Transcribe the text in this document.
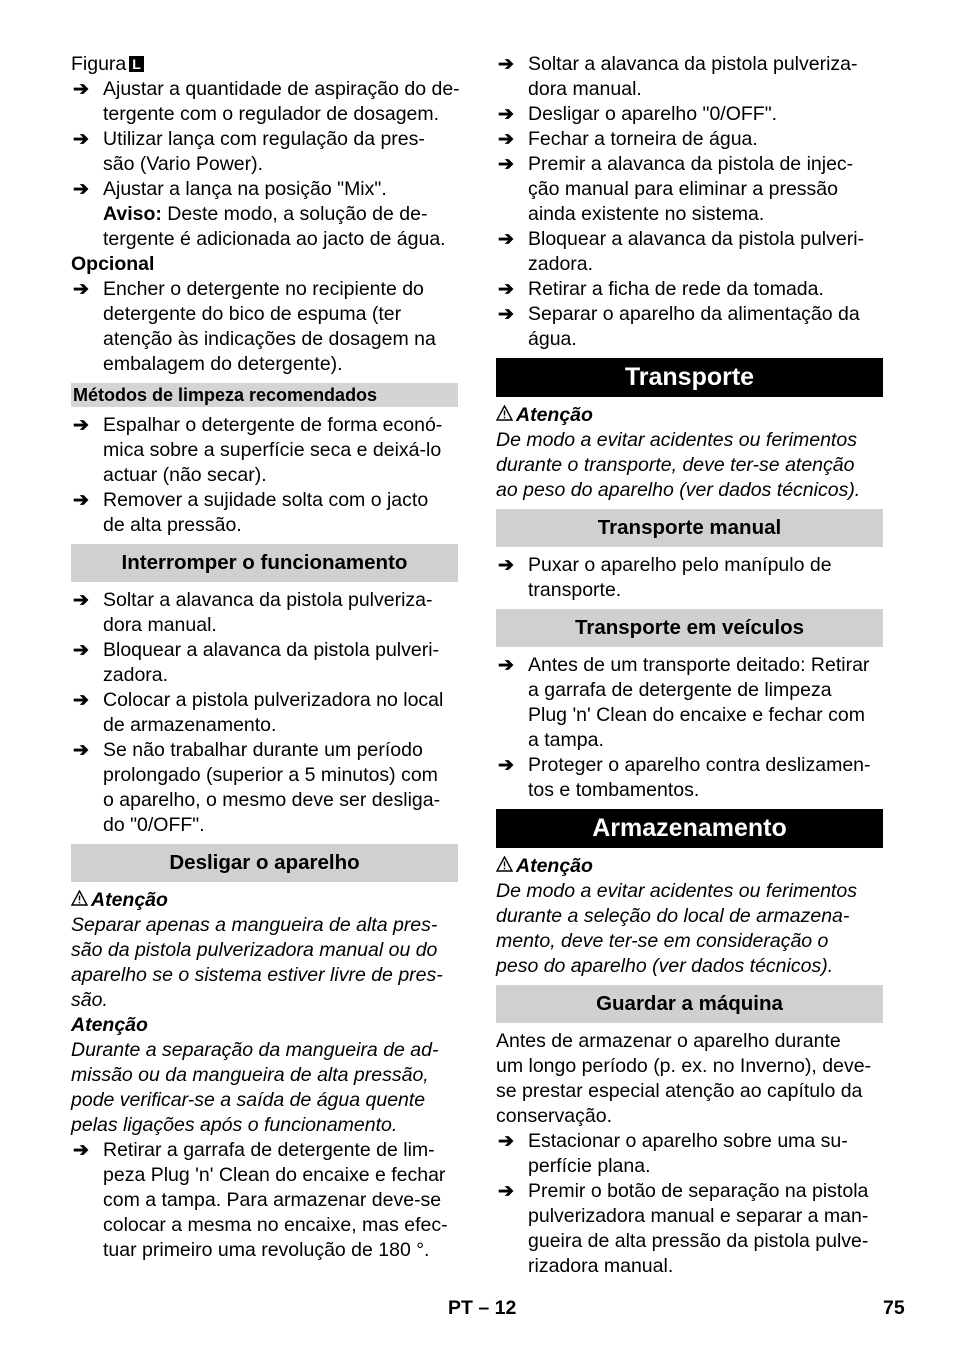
Figura L
➔ Ajustar a quantidade de aspiração do de-
tergente com o regulador de dosagem.
➔ Utilizar lança com regulação da pres-
são (Vario Power).
➔ Ajustar a lança na posição "Mix".
Aviso: Deste modo, a solução de de-
tergente é adicionada ao jacto de água.
Opcional
➔ Encher o detergente no recipiente do
detergente do bico de espuma (ter
atenção às indicações de dosagem na
embalagem do detergente).
Métodos de limpeza recomendados
➔ Espalhar o detergente de forma econó-
mica sobre a superfície seca e deixá-lo
actuar (não secar).
➔ Remover a sujidade solta com o jacto
de alta pressão.
Interromper o funcionamento
➔ Soltar a alavanca da pistola pulveriza-
dora manual.
➔ Bloquear a alavanca da pistola pulveri-
zadora.
➔ Colocar a pistola pulverizadora no local
de armazenamento.
➔ Se não trabalhar durante um período
prolongado (superior a 5 minutos) com
o aparelho, o mesmo deve ser desliga-
do "0/OFF".
Desligar o aparelho
Atenção
Separar apenas a mangueira de alta pres-
são da pistola pulverizadora manual ou do
aparelho se o sistema estiver livre de pres-
são.
Atenção
Durante a separação da mangueira de ad-
missão ou da mangueira de alta pressão,
pode verificar-se a saída de água quente
pelas ligações após o funcionamento.
➔ Retirar a garrafa de detergente de lim-
peza Plug 'n' Clean do encaixe e fechar
com a tampa. Para armazenar deve-se
colocar a mesma no encaixe, mas efec-
tuar primeiro uma revolução de 180 °.
➔ Soltar a alavanca da pistola pulveriza-
dora manual.
➔ Desligar o aparelho "0/OFF".
➔ Fechar a torneira de água.
➔ Premir a alavanca da pistola de injec-
ção manual para eliminar a pressão
ainda existente no sistema.
➔ Bloquear a alavanca da pistola pulveri-
zadora.
➔ Retirar a ficha de rede da tomada.
➔ Separar o aparelho da alimentação da
água.
Transporte
Atenção
De modo a evitar acidentes ou ferimentos
durante o transporte, deve ter-se atenção
ao peso do aparelho (ver dados técnicos).
Transporte manual
➔ Puxar o aparelho pelo manípulo de
transporte.
Transporte em veículos
➔ Antes de um transporte deitado: Retirar
a garrafa de detergente de limpeza
Plug 'n' Clean do encaixe e fechar com
a tampa.
➔ Proteger o aparelho contra deslizamen-
tos e tombamentos.
Armazenamento
Atenção
De modo a evitar acidentes ou ferimentos
durante a seleção do local de armazena-
mento, deve ter-se em consideração o
peso do aparelho (ver dados técnicos).
Guardar a máquina
Antes de armazenar o aparelho durante
um longo período (p. ex. no Inverno), deve-
se prestar especial atenção ao capítulo da
conservação.
➔ Estacionar o aparelho sobre uma su-
perfície plana.
➔ Premir o botão de separação na pistola
pulverizadora manual e separar a man-
gueira de alta pressão da pistola pulve-
rizadora manual.
PT – 12	75
